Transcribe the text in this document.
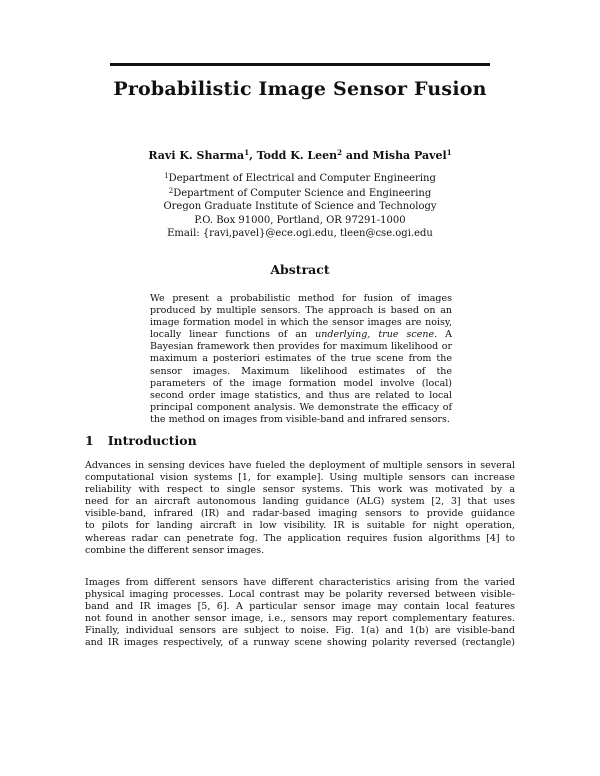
Probabilistic Image Sensor Fusion
Ravi K. Sharma$^1$, Todd K. Leen$^2$ and Misha Pavel$^1$
$^1$Department of Electrical and Computer Engineering
$^2$Department of Computer Science and Engineering
Oregon Graduate Institute of Science and Technology
P.O. Box 91000, Portland, OR 97291-1000
Email: {ravi,pavel}@ece.ogi.edu, tleen@cse.ogi.edu
Abstract
We present a probabilistic method for fusion of images produced by multiple sensors. The approach is based on an image formation model in which the sensor images are noisy, locally linear functions of an underlying, true scene. A Bayesian framework then provides for maximum likelihood or maximum a posteriori estimates of the true scene from the sensor images. Maximum likelihood estimates of the parameters of the image formation model involve (local) second order image statistics, and thus are related to local principal component analysis. We demonstrate the efficacy of the method on images from visible-band and infrared sensors.
1 Introduction
Advances in sensing devices have fueled the deployment of multiple sensors in several
computational vision systems [1, for example]. Using multiple sensors can increase
reliability with respect to single sensor systems. This work was motivated by a
need for an aircraft autonomous landing guidance (ALG) system [2, 3] that uses
visible-band, infrared (IR) and radar-based imaging sensors to provide guidance
to pilots for landing aircraft in low visibility. IR is suitable for night operation,
whereas radar can penetrate fog. The application requires fusion algorithms [4] to
combine the different sensor images.
Images from different sensors have different characteristics arising from the varied
physical imaging processes. Local contrast may be polarity reversed between visible-
band and IR images [5, 6]. A particular sensor image may contain local features
not found in another sensor image, i.e., sensors may report complementary features.
Finally, individual sensors are subject to noise. Fig. 1(a) and 1(b) are visible-band
and IR images respectively, of a runway scene showing polarity reversed (rectangle)
